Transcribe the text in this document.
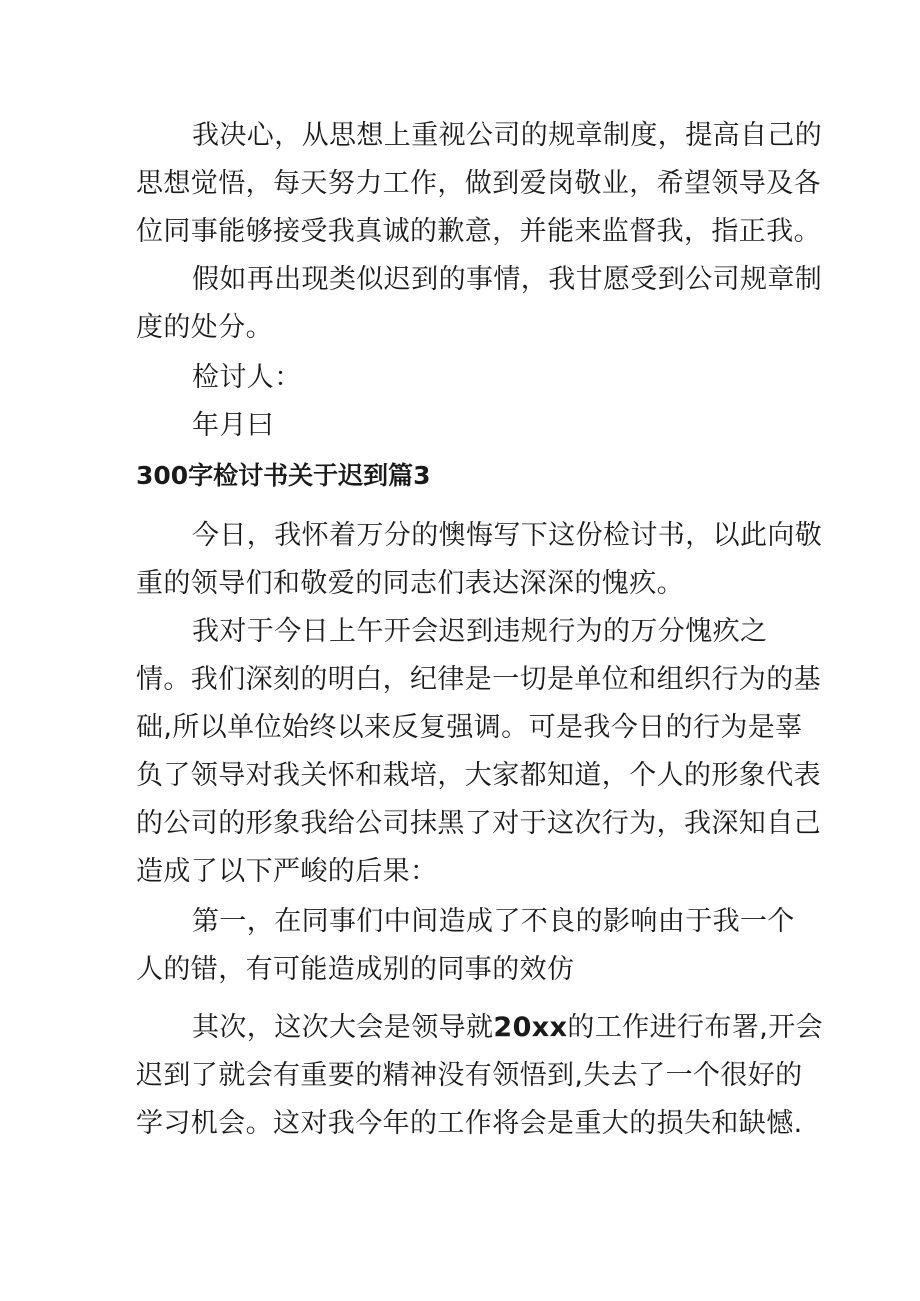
我决心，从思想上重视公司的规章制度，提高自己的
思想觉悟，每天努力工作，做到爱岗敬业，希望领导及各
位同事能够接受我真诚的歉意，并能来监督我，指正我。
假如再出现类似迟到的事情，我甘愿受到公司规章制
度的处分。
检讨人：
年月曰
300字检讨书关于迟到篇3
今日，我怀着万分的懊悔写下这份检讨书，以此向敬
重的领导们和敬爱的同志们表达深深的愧疚。
我对于今日上午开会迟到违规行为的万分愧疚之
情。我们深刻的明白，纪律是一切是单位和组织行为的基
础,所以单位始终以来反复强调。可是我今日的行为是辜
负了领导对我关怀和栽培，大家都知道，个人的形象代表
的公司的形象我给公司抹黑了对于这次行为，我深知自己
造成了以下严峻的后果：
第一，在同事们中间造成了不良的影响由于我一个
人的错，有可能造成别的同事的效仿
其次，这次大会是领导就20xx的工作进行布署,开会
迟到了就会有重要的精神没有领悟到,失去了一个很好的
学习机会。这对我今年的工作将会是重大的损失和缺憾.
